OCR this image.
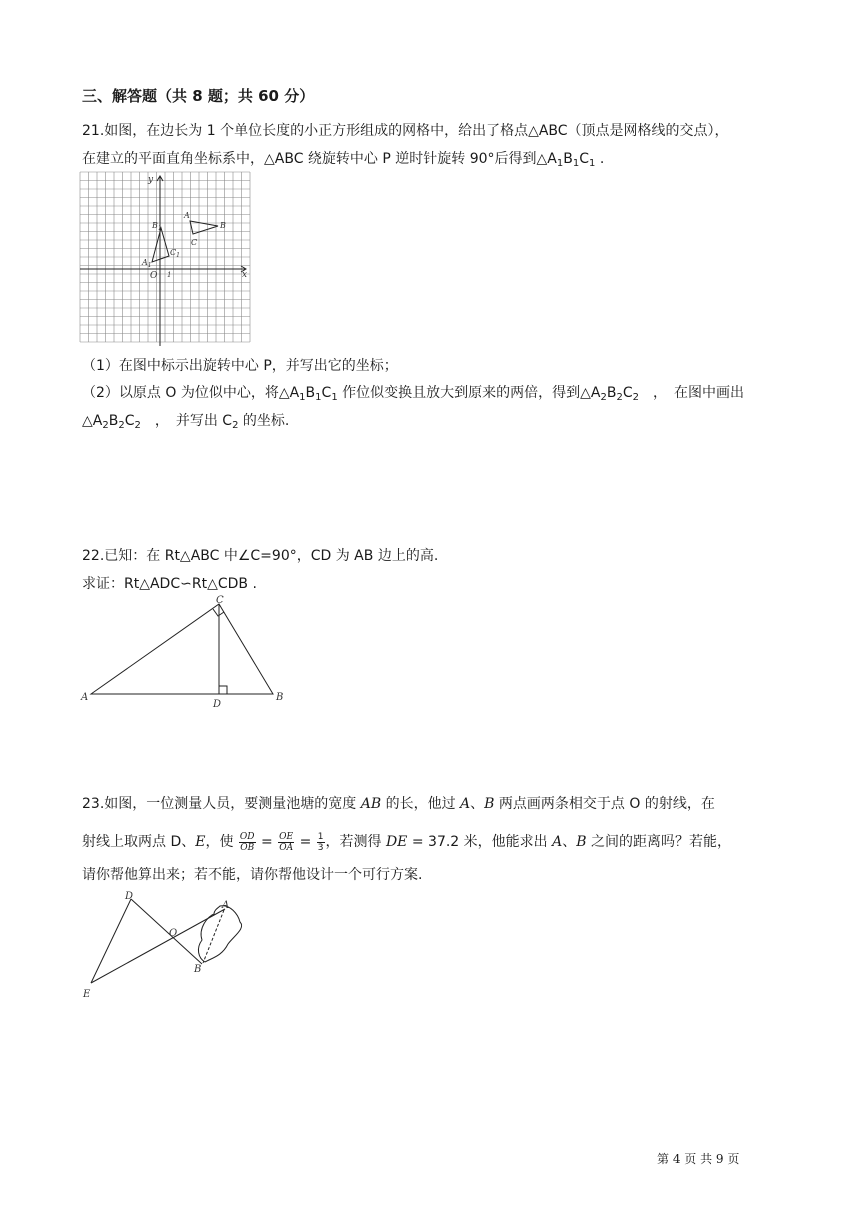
三、解答题（共 8 题；共 60 分）
21.如图，在边长为 1 个单位长度的小正方形组成的网格中，给出了格点△ABC（顶点是网格线的交点），
在建立的平面直角坐标系中，△ABC 绕旋转中心 P 逆时针旋转 90°后得到$\triangle A_1B_1C_1$ .
y
x
O 1
A
B
C
$B_1$
$C_1$
$A_1$
（1）在图中标示出旋转中心 P，并写出它的坐标；
（2）以原点 O 为位似中心，将$\triangle A_1B_1C_1$ 作位似变换且放大到原来的两倍，得到$\triangle A_2B_2C_2$　，　在图中画出
$\triangle A_2B_2C_2$　，　并写出 $C_2$ 的坐标.
22.已知：在 Rt△ABC 中∠C=90°，CD 为 AB 边上的高.
求证：Rt△ADC∽Rt△CDB .
C
A	B
D
23.如图，一位测量人员，要测量池塘的宽度 AB 的长，他过 A、B 两点画两条相交于点 O 的射线，在
射线上取两点 D、E，使 $\frac{OD}{OB} = \frac{OE}{OA} = \frac{1}{3}$ ，若测得 DE = 37.2 米，他能求出 A、B 之间的距离吗？若能，
请你帮他算出来；若不能，请你帮他设计一个可行方案.
D
O
A
B
E
第 4 页 共 9 页
